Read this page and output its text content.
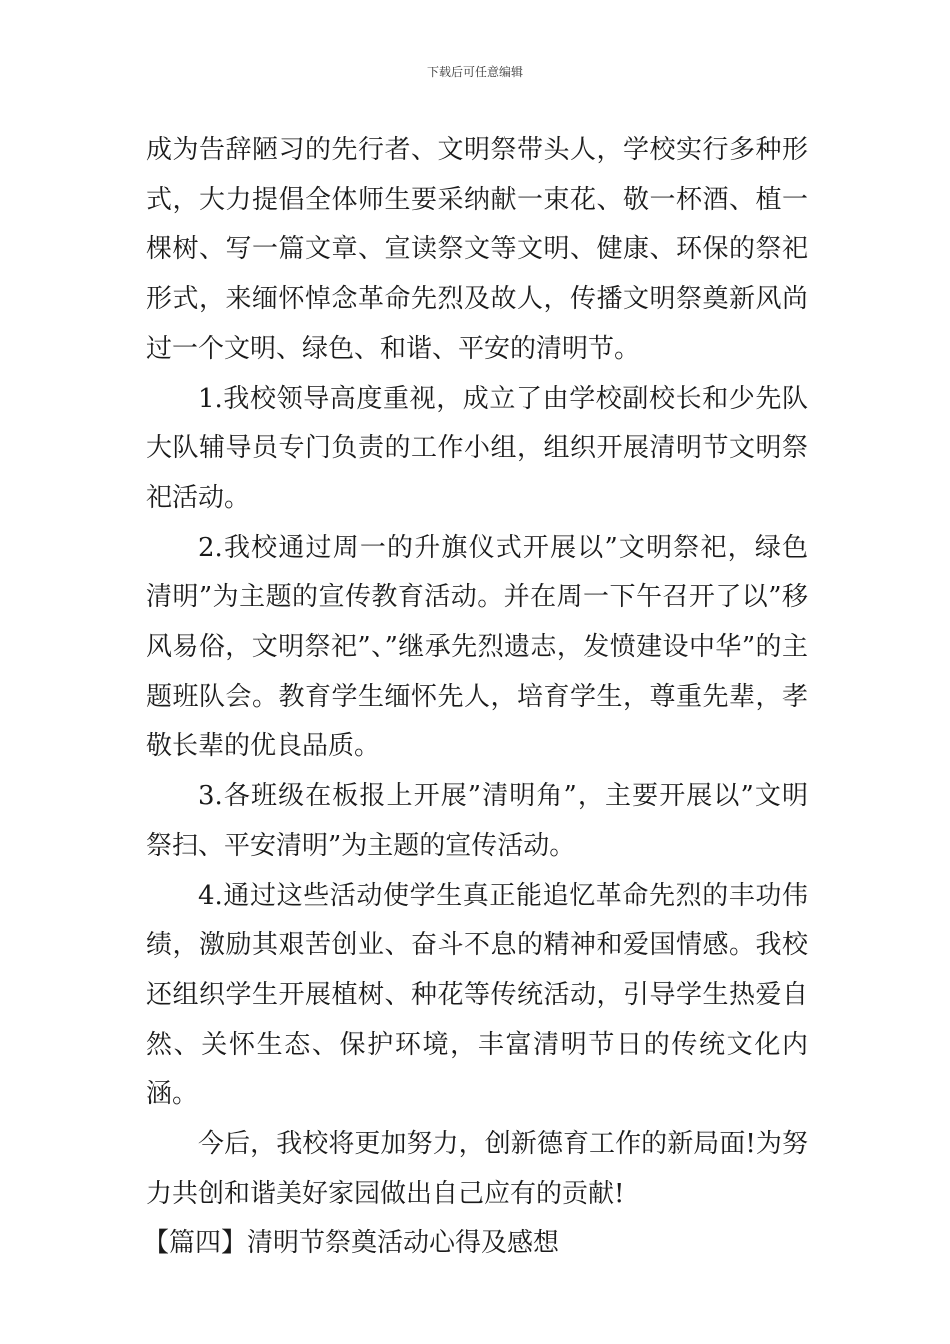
下载后可任意编辑

成为告辞陋习的先行者、文明祭带头人，学校实行多种形式，大力提倡全体师生要采纳献一束花、敬一杯酒、植一棵树、写一篇文章、宣读祭文等文明、健康、环保的祭祀形式，来缅怀悼念革命先烈及故人，传播文明祭奠新风尚过一个文明、绿色、和谐、平安的清明节。

1.我校领导高度重视，成立了由学校副校长和少先队大队辅导员专门负责的工作小组，组织开展清明节文明祭祀活动。

2.我校通过周一的升旗仪式开展以”文明祭祀，绿色清明”为主题的宣传教育活动。并在周一下午召开了以”移风易俗，文明祭祀”、”继承先烈遗志，发愤建设中华”的主题班队会。教育学生缅怀先人，培育学生，尊重先辈，孝敬长辈的优良品质。

3.各班级在板报上开展”清明角”，主要开展以”文明祭扫、平安清明”为主题的宣传活动。

4.通过这些活动使学生真正能追忆革命先烈的丰功伟绩，激励其艰苦创业、奋斗不息的精神和爱国情感。我校还组织学生开展植树、种花等传统活动，引导学生热爱自然、关怀生态、保护环境，丰富清明节日的传统文化内涵。

今后，我校将更加努力，创新德育工作的新局面!为努力共创和谐美好家园做出自己应有的贡献!

【篇四】清明节祭奠活动心得及感想
